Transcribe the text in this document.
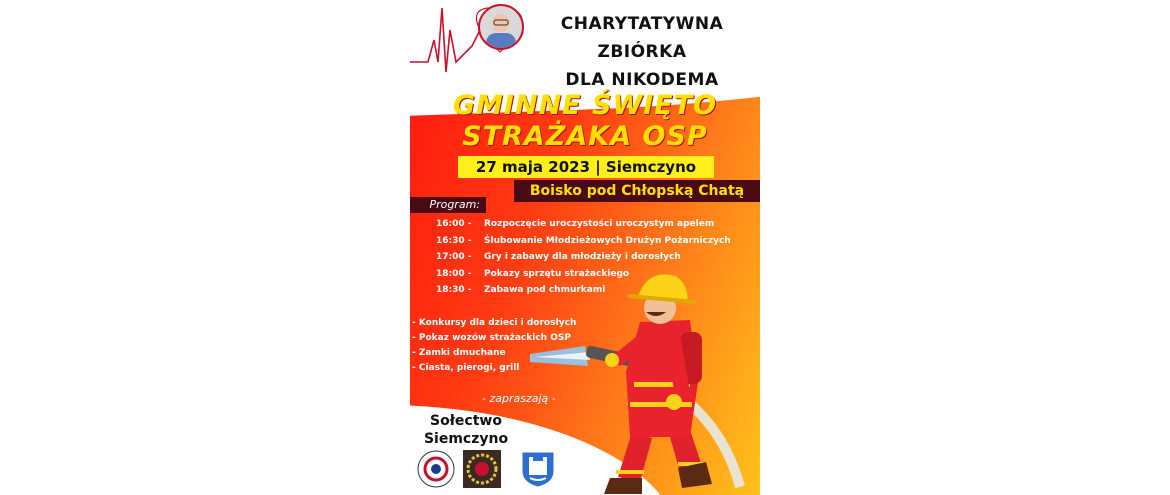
CHARYTATYWNA ZBIÓRKA
DLA NIKODEMA
GMINNE ŚWIĘTO
STRAŻAKA OSP
27 maja 2023 | Siemczyno
Boisko pod Chłopską Chatą
Program:
16:00 - Rozpoczęcie uroczystości uroczystym apelem
16:30 - Ślubowanie Młodzieżowych Drużyn Pożarniczych
17:00 - Gry i zabawy dla młodzieży i dorosłych
18:00 - Pokazy sprzętu strażackiego
18:30 - Zabawa pod chmurkami
- Konkursy dla dzieci i dorosłych
- Pokaz wozów strażackich OSP
- Zamki dmuchane
- Ciasta, pierogi, grill
- zapraszają -
Sołectwo
Siemczyno
